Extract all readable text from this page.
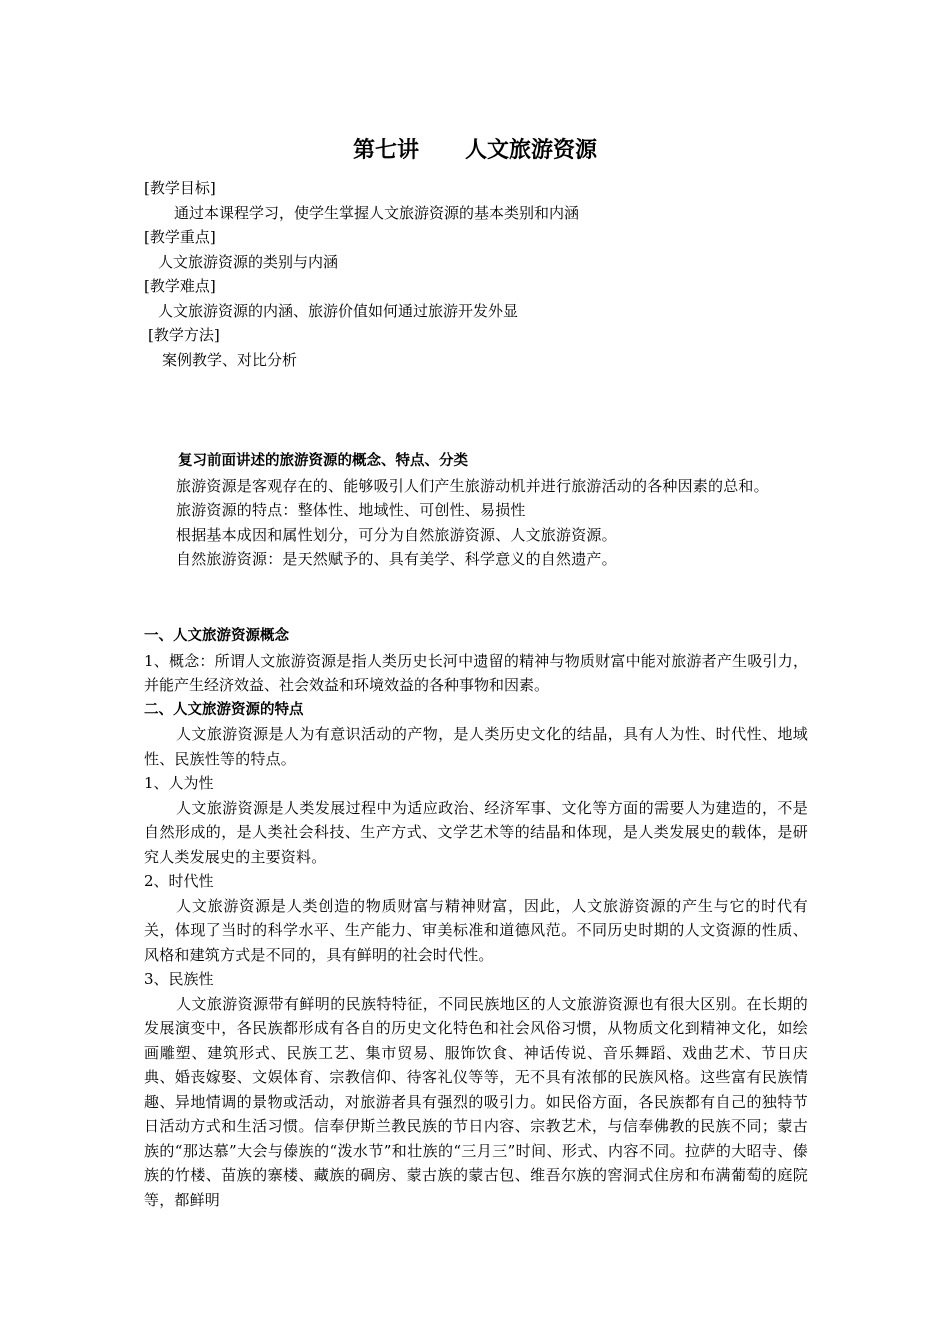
第七讲      人文旅游资源
[教学目标]
通过本课程学习，使学生掌握人文旅游资源的基本类别和内涵
[教学重点]
人文旅游资源的类别与内涵
[教学难点]
人文旅游资源的内涵、旅游价值如何通过旅游开发外显
[教学方法]
案例教学、对比分析
复习前面讲述的旅游资源的概念、特点、分类
旅游资源是客观存在的、能够吸引人们产生旅游动机并进行旅游活动的各种因素的总和。
旅游资源的特点：整体性、地域性、可创性、易损性
根据基本成因和属性划分，可分为自然旅游资源、人文旅游资源。
自然旅游资源：是天然赋予的、具有美学、科学意义的自然遗产。
一、人文旅游资源概念
1、概念：所谓人文旅游资源是指人类历史长河中遗留的精神与物质财富中能对旅游者产生吸引力，并能产生经济效益、社会效益和环境效益的各种事物和因素。
二、人文旅游资源的特点
人文旅游资源是人为有意识活动的产物，是人类历史文化的结晶，具有人为性、时代性、地域性、民族性等的特点。
1、人为性
人文旅游资源是人类发展过程中为适应政治、经济军事、文化等方面的需要人为建造的，不是自然形成的，是人类社会科技、生产方式、文学艺术等的结晶和体现，是人类发展史的载体，是研究人类发展史的主要资料。
2、时代性
人文旅游资源是人类创造的物质财富与精神财富，因此，人文旅游资源的产生与它的时代有关，体现了当时的科学水平、生产能力、审美标准和道德风范。不同历史时期的人文资源的性质、风格和建筑方式是不同的，具有鲜明的社会时代性。
3、民族性
人文旅游资源带有鲜明的民族特特征，不同民族地区的人文旅游资源也有很大区别。在长期的发展演变中，各民族都形成有各自的历史文化特色和社会风俗习惯，从物质文化到精神文化，如绘画雕塑、建筑形式、民族工艺、集市贸易、服饰饮食、神话传说、音乐舞蹈、戏曲艺术、节日庆典、婚丧嫁娶、文娱体育、宗教信仰、待客礼仪等等，无不具有浓郁的民族风格。这些富有民族情趣、异地情调的景物或活动，对旅游者具有强烈的吸引力。如民俗方面，各民族都有自己的独特节日活动方式和生活习惯。信奉伊斯兰教民族的节日内容、宗教艺术，与信奉佛教的民族不同；蒙古族的“那达慕”大会与傣族的“泼水节”和壮族的“三月三”时间、形式、内容不同。拉萨的大昭寺、傣族的竹楼、苗族的寨楼、藏族的碉房、蒙古族的蒙古包、维吾尔族的窖洞式住房和布满葡萄的庭院等，都鲜明
